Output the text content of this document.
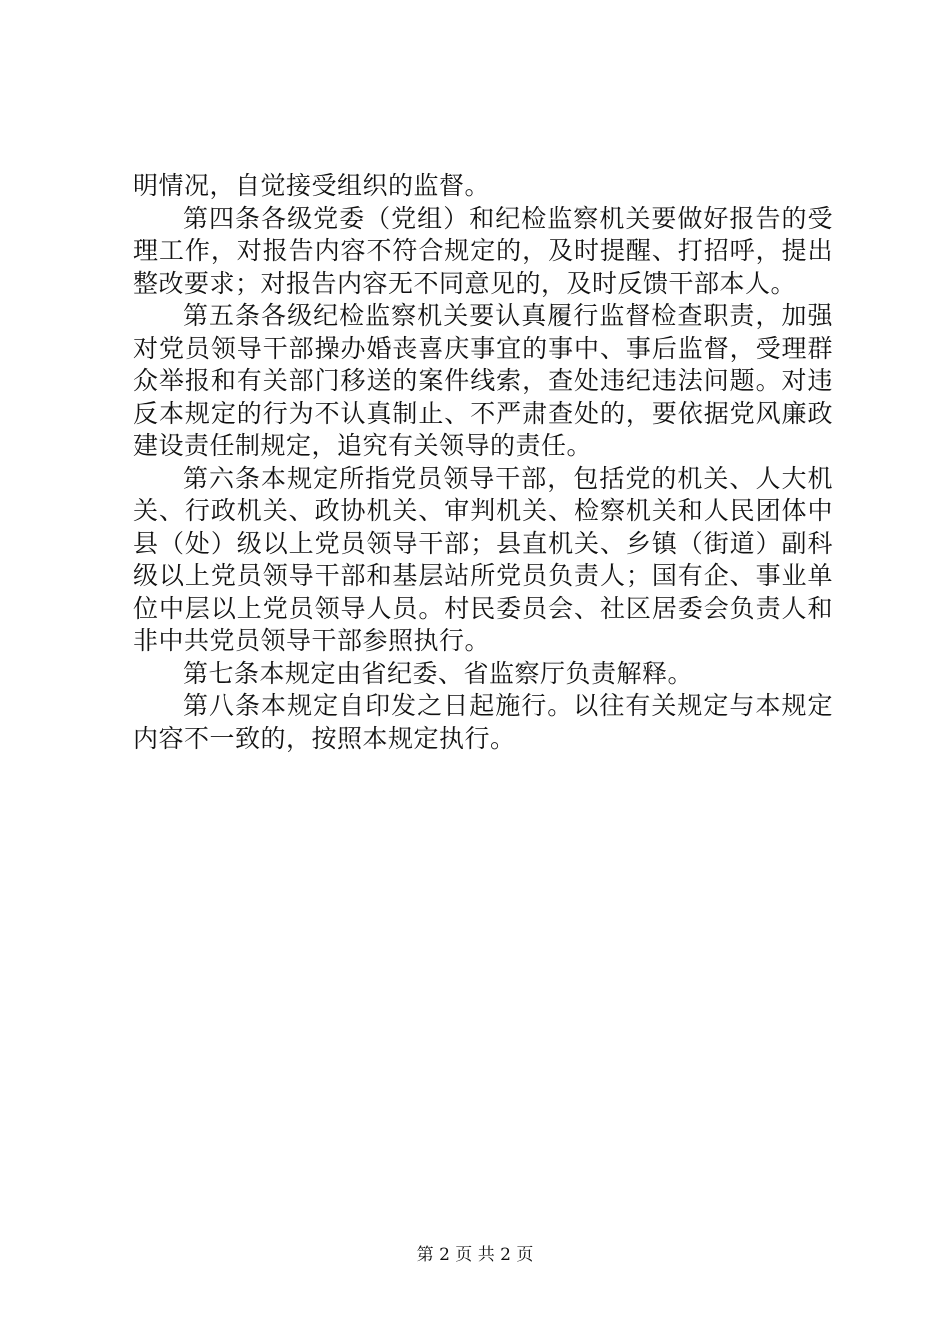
明情况，自觉接受组织的监督。

第四条各级党委（党组）和纪检监察机关要做好报告的受理工作，对报告内容不符合规定的，及时提醒、打招呼，提出整改要求；对报告内容无不同意见的，及时反馈干部本人。

第五条各级纪检监察机关要认真履行监督检查职责，加强对党员领导干部操办婚丧喜庆事宜的事中、事后监督，受理群众举报和有关部门移送的案件线索，查处违纪违法问题。对违反本规定的行为不认真制止、不严肃查处的，要依据党风廉政建设责任制规定，追究有关领导的责任。

第六条本规定所指党员领导干部，包括党的机关、人大机关、行政机关、政协机关、审判机关、检察机关和人民团体中县（处）级以上党员领导干部；县直机关、乡镇（街道）副科级以上党员领导干部和基层站所党员负责人；国有企、事业单位中层以上党员领导人员。村民委员会、社区居委会负责人和非中共党员领导干部参照执行。

第七条本规定由省纪委、省监察厅负责解释。

第八条本规定自印发之日起施行。以往有关规定与本规定内容不一致的，按照本规定执行。

第 2 页 共 2 页
